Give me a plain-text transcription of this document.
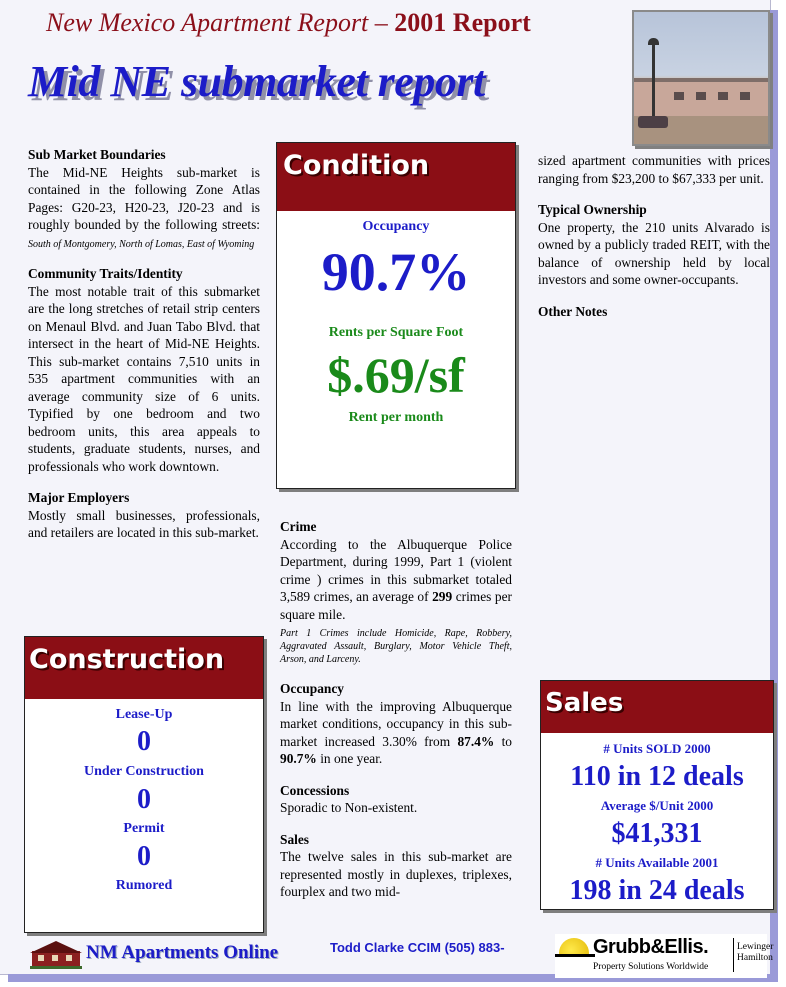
New Mexico Apartment Report – 2001 Report
Mid NE submarket report
Sub Market Boundaries

The Mid-NE Heights sub-market is contained in the following Zone Atlas Pages: G20-23, H20-23, J20-23 and is roughly bounded by the following streets: South of Montgomery, North of Lomas, East of Wyoming

Community Traits/Identity

The most notable trait of this submarket are the long stretches of retail strip centers on Menaul Blvd. and Juan Tabo Blvd. that intersect in the heart of Mid-NE Heights. This sub-market contains 7,510 units in 535 apartment communities with an average community size of 6 units. Typified by one bedroom and two bedroom units, this area appeals to students, graduate students, nurses, and professionals who work downtown.

Major Employers

Mostly small businesses, professionals, and retailers are located in this sub-market.

Condition
Occupancy
90.7%
Rents per Square Foot
$.69/sf
Rent per month
Crime

According to the Albuquerque Police Department, during 1999, Part 1 (violent crime ) crimes in this submarket totaled 3,589 crimes, an average of 299 crimes per square mile.

Part 1 Crimes include Homicide, Rape, Robbery, Aggravated Assault, Burglary, Motor Vehicle Theft, Arson, and Larceny.

Occupancy

In line with the improving Albuquerque market conditions, occupancy in this sub-market increased 3.30% from 87.4% to 90.7% in one year.

Concessions

Sporadic to Non-existent.

Sales

The twelve sales in this sub-market are represented mostly in duplexes, triplexes, fourplex and two mid-

sized apartment communities with prices ranging from $23,200 to $67,333 per unit.

Typical Ownership

One property, the 210 units Alvarado is owned by a publicly traded REIT, with the balance of ownership held by local investors and some owner-occupants.

Other Notes
Construction
Lease-Up
0
Under Construction
0
Permit
0
Rumored
Sales
# Units SOLD 2000
110 in 12 deals
Average $/Unit 2000
$41,331
# Units Available 2001
198 in 24 deals
NM Apartments Online	Todd Clarke CCIM (505) 883-	Grubb&Ellis.
Property Solutions Worldwide
Lewinger
Hamilton
